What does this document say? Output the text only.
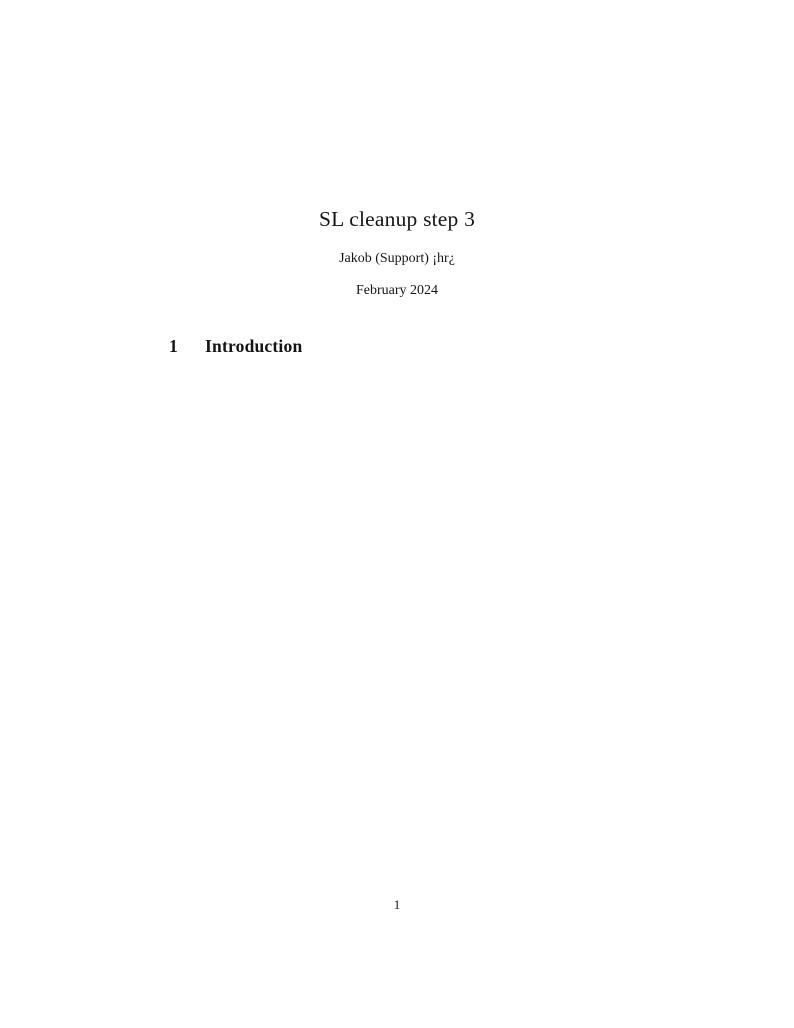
SL cleanup step 3
Jakob (Support) ¡hr¿
February 2024
1 Introduction
1
